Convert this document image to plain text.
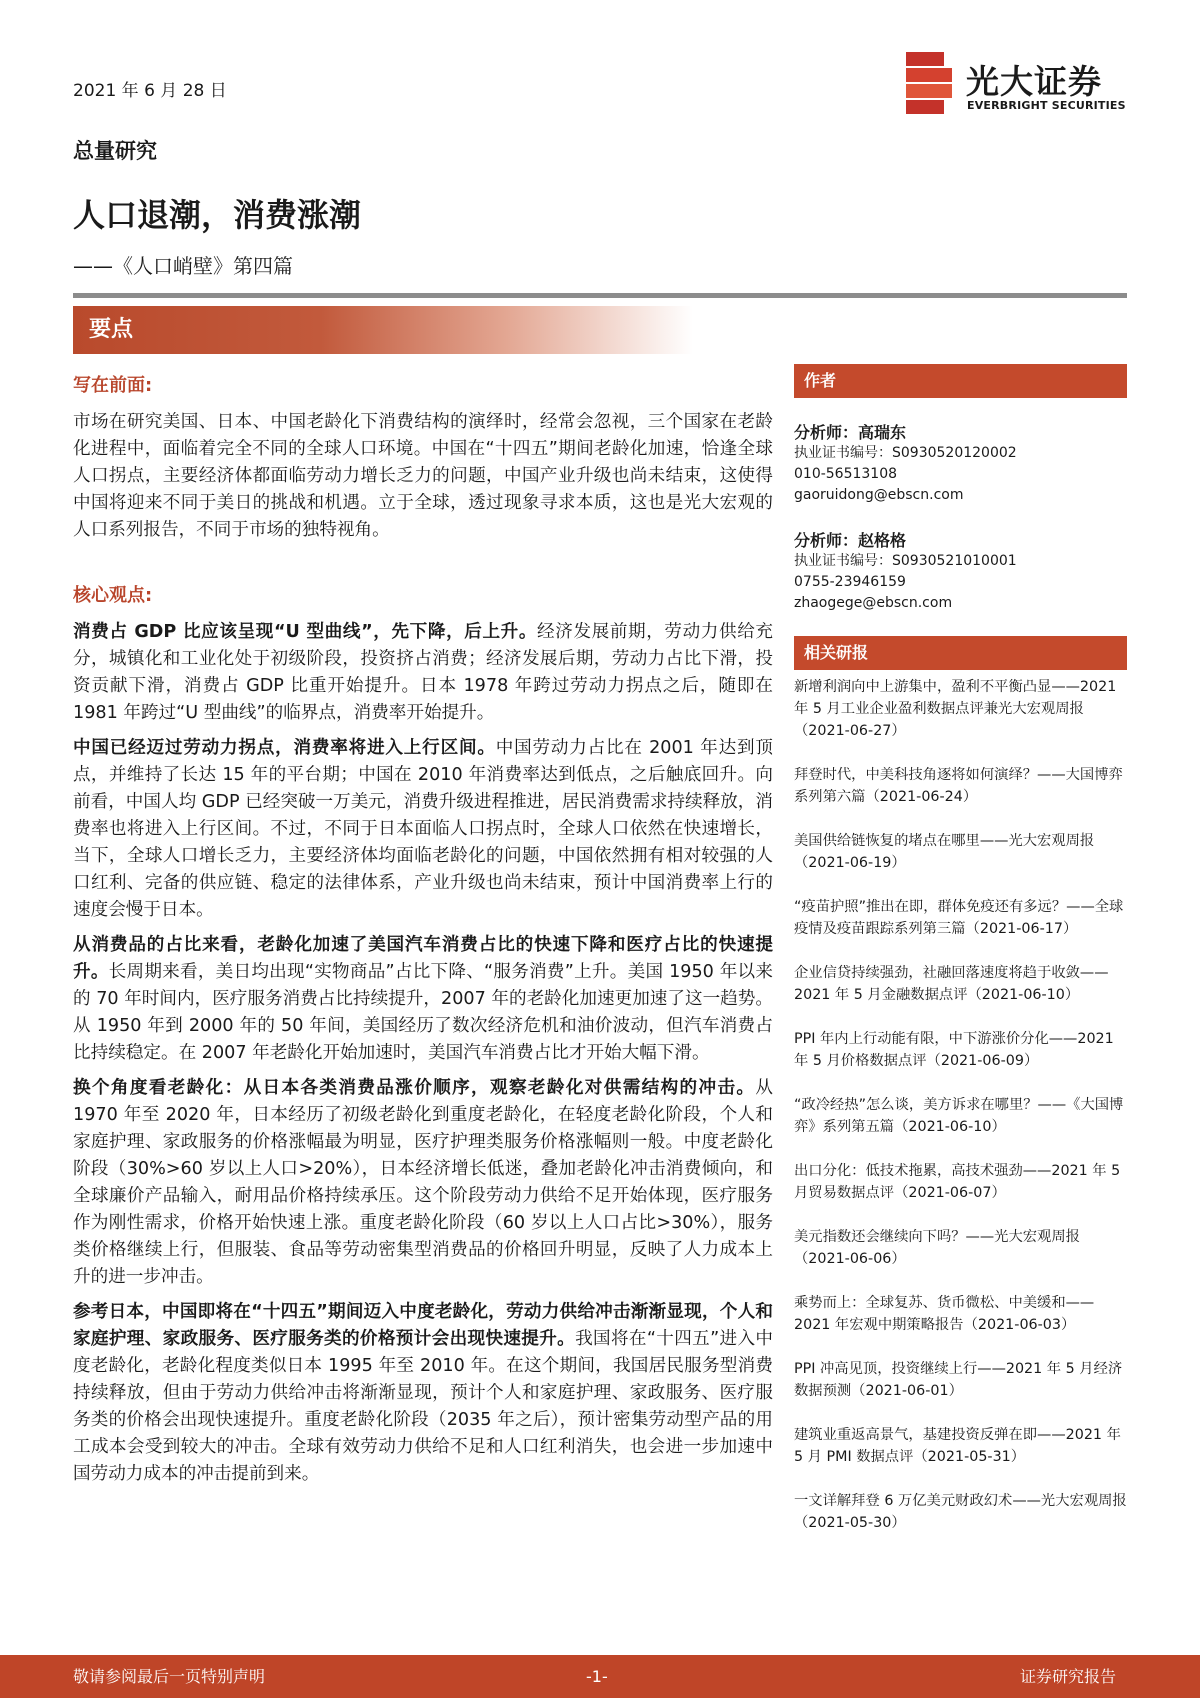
2021 年 6 月 28 日	光大证券
EVERBRIGHT SECURITIES
总量研究
人口退潮，消费涨潮
——《人口峭壁》第四篇
要点
写在前面:

市场在研究美国、日本、中国老龄化下消费结构的演绎时，经常会忽视，三个国家在老龄化进程中，面临着完全不同的全球人口环境。中国在“十四五”期间老龄化加速，恰逢全球人口拐点，主要经济体都面临劳动力增长乏力的问题，中国产业升级也尚未结束，这使得中国将迎来不同于美日的挑战和机遇。立于全球，透过现象寻求本质，这也是光大宏观的人口系列报告，不同于市场的独特视角。

核心观点:

消费占 GDP 比应该呈现“U 型曲线”，先下降，后上升。经济发展前期，劳动力供给充分，城镇化和工业化处于初级阶段，投资挤占消费；经济发展后期，劳动力占比下滑，投资贡献下滑，消费占 GDP 比重开始提升。日本 1978 年跨过劳动力拐点之后，随即在 1981 年跨过“U 型曲线”的临界点，消费率开始提升。

中国已经迈过劳动力拐点，消费率将进入上行区间。中国劳动力占比在 2001 年达到顶点，并维持了长达 15 年的平台期；中国在 2010 年消费率达到低点，之后触底回升。向前看，中国人均 GDP 已经突破一万美元，消费升级进程推进，居民消费需求持续释放，消费率也将进入上行区间。不过，不同于日本面临人口拐点时，全球人口依然在快速增长，当下，全球人口增长乏力，主要经济体均面临老龄化的问题，中国依然拥有相对较强的人口红利、完备的供应链、稳定的法律体系，产业升级也尚未结束，预计中国消费率上行的速度会慢于日本。

从消费品的占比来看，老龄化加速了美国汽车消费占比的快速下降和医疗占比的快速提升。长周期来看，美日均出现“实物商品”占比下降、“服务消费”上升。美国 1950 年以来的 70 年时间内，医疗服务消费占比持续提升，2007 年的老龄化加速更加速了这一趋势。从 1950 年到 2000 年的 50 年间，美国经历了数次经济危机和油价波动，但汽车消费占比持续稳定。在 2007 年老龄化开始加速时，美国汽车消费占比才开始大幅下滑。

换个角度看老龄化：从日本各类消费品涨价顺序，观察老龄化对供需结构的冲击。从 1970 年至 2020 年，日本经历了初级老龄化到重度老龄化，在轻度老龄化阶段，个人和家庭护理、家政服务的价格涨幅最为明显，医疗护理类服务价格涨幅则一般。中度老龄化阶段（30%>60 岁以上人口>20%），日本经济增长低迷，叠加老龄化冲击消费倾向，和全球廉价产品输入，耐用品价格持续承压。这个阶段劳动力供给不足开始体现，医疗服务作为刚性需求，价格开始快速上涨。重度老龄化阶段（60 岁以上人口占比>30%），服务类价格继续上行，但服装、食品等劳动密集型消费品的价格回升明显，反映了人力成本上升的进一步冲击。

参考日本，中国即将在“十四五”期间迈入中度老龄化，劳动力供给冲击渐渐显现，个人和家庭护理、家政服务、医疗服务类的价格预计会出现快速提升。我国将在“十四五”进入中度老龄化，老龄化程度类似日本 1995 年至 2010 年。在这个期间，我国居民服务型消费持续释放，但由于劳动力供给冲击将渐渐显现，预计个人和家庭护理、家政服务、医疗服务类的价格会出现快速提升。重度老龄化阶段（2035 年之后），预计密集劳动型产品的用工成本会受到较大的冲击。全球有效劳动力供给不足和人口红利消失，也会进一步加速中国劳动力成本的冲击提前到来。

作者
分析师：高瑞东
执业证书编号：S0930520120002
010-56513108
gaoruidong@ebscn.com
分析师：赵格格
执业证书编号：S0930521010001
0755-23946159
zhaogege@ebscn.com
相关研报
新增利润向中上游集中，盈利不平衡凸显——2021 年 5 月工业企业盈利数据点评兼光大宏观周报（2021-06-27）
拜登时代，中美科技角逐将如何演绎？——大国博弈系列第六篇（2021-06-24）
美国供给链恢复的堵点在哪里——光大宏观周报（2021-06-19）
“疫苗护照”推出在即，群体免疫还有多远？——全球疫情及疫苗跟踪系列第三篇（2021-06-17）
企业信贷持续强劲，社融回落速度将趋于收敛——2021 年 5 月金融数据点评（2021-06-10）
PPI 年内上行动能有限，中下游涨价分化——2021 年 5 月价格数据点评（2021-06-09）
“政冷经热”怎么谈，美方诉求在哪里？——《大国博弈》系列第五篇（2021-06-10）
出口分化：低技术拖累，高技术强劲——2021 年 5 月贸易数据点评（2021-06-07）
美元指数还会继续向下吗？——光大宏观周报（2021-06-06）
乘势而上：全球复苏、货币微松、中美缓和——2021 年宏观中期策略报告（2021-06-03）
PPI 冲高见顶，投资继续上行——2021 年 5 月经济数据预测（2021-06-01）
建筑业重返高景气，基建投资反弹在即——2021 年 5 月 PMI 数据点评（2021-05-31）
一文详解拜登 6 万亿美元财政幻术——光大宏观周报（2021-05-30）
敬请参阅最后一页特别声明	-1-	证券研究报告
